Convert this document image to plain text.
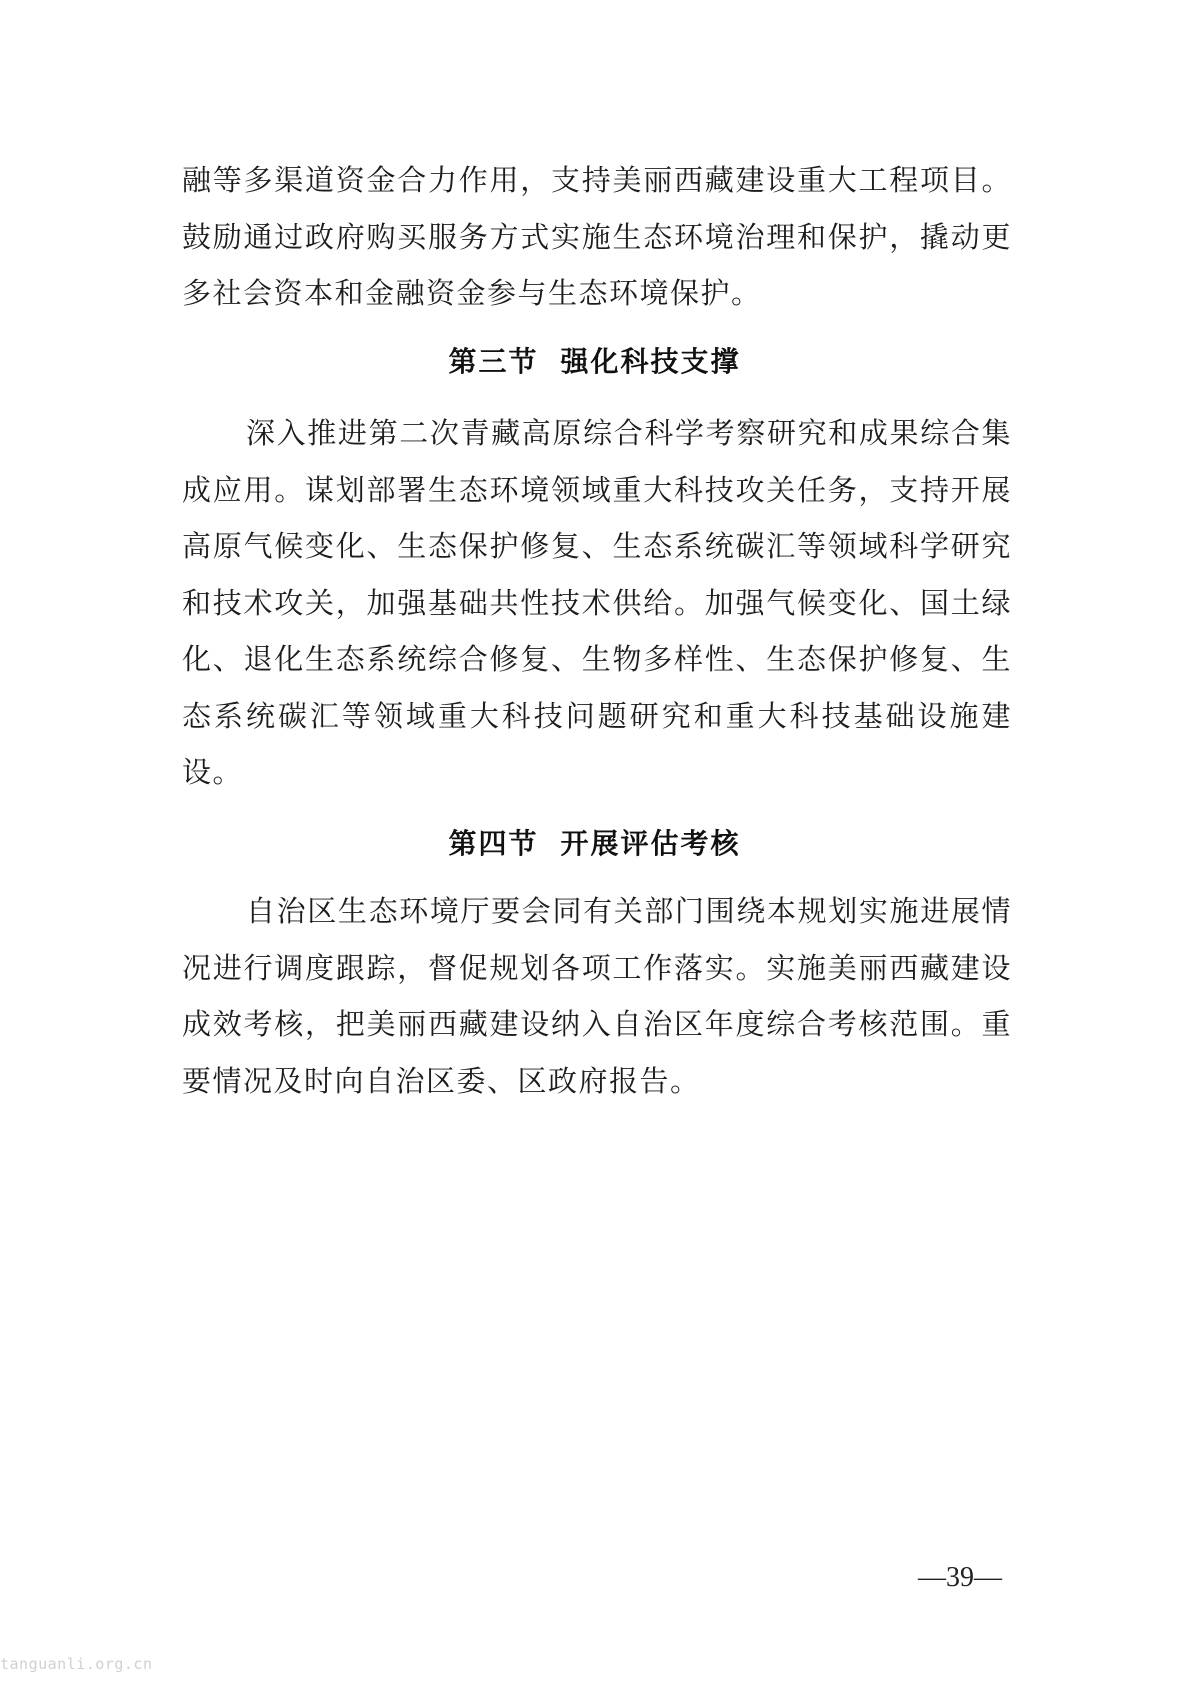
融等多渠道资金合力作用，支持美丽西藏建设重大工程项目。鼓励通过政府购买服务方式实施生态环境治理和保护，撬动更多社会资本和金融资金参与生态环境保护。

第三节 强化科技支撑

深入推进第二次青藏高原综合科学考察研究和成果综合集成应用。谋划部署生态环境领域重大科技攻关任务，支持开展高原气候变化、生态保护修复、生态系统碳汇等领域科学研究和技术攻关，加强基础共性技术供给。加强气候变化、国土绿化、退化生态系统综合修复、生物多样性、生态保护修复、生态系统碳汇等领域重大科技问题研究和重大科技基础设施建设。

第四节 开展评估考核

自治区生态环境厅要会同有关部门围绕本规划实施进展情况进行调度跟踪，督促规划各项工作落实。实施美丽西藏建设成效考核，把美丽西藏建设纳入自治区年度综合考核范围。重要情况及时向自治区委、区政府报告。

—39—
tanguanli.org.cn
